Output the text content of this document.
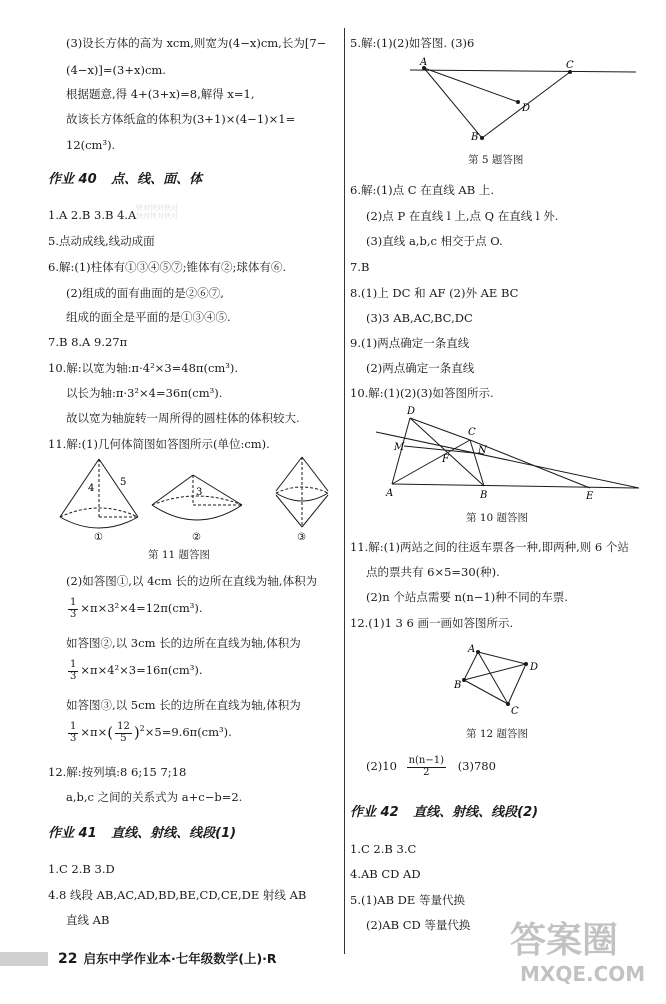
(3)设长方体的高为 xcm,则宽为(4−x)cm,长为[7−
(4−x)]=(3+x)cm.
根据题意,得 4+(3+x)=8,解得 x=1,
故该长方体纸盒的体积为(3+1)×(4−1)×1=
12(cm³).
作业 40 点、线、面、体
1.A 2.B 3.B 4.A
5.点动成线,线动成面
6.解:(1)柱体有①③④⑤⑦;锥体有②;球体有⑥.
(2)组成的面有曲面的是②⑥⑦,
组成的面全是平面的是①③④⑤.
7.B 8.A 9.27π
10.解:以宽为轴:π·4²×3=48π(cm³).
以长为轴:π·3²×4=36π(cm³).
故以宽为轴旋转一周所得的圆柱体的体积较大.
11.解:(1)几何体简图如答图所示(单位:cm).
4
5
①
3
②	③
第 11 题答图
(2)如答图①,以 4cm 长的边所在直线为轴,体积为
$\frac{1}{3} \times\pi\times 3^2\times 4=12\pi(cm^3)$.
如答图②,以 3cm 长的边所在直线为轴,体积为
$\frac{1}{3} \times\pi\times 4^2\times 3=16\pi(cm^3)$.
如答图③,以 5cm 长的边所在直线为轴,体积为
$\frac{1}{3} \times\pi\times( \frac{12}{5} )^2\times 5=9.6\pi(cm^3)$.
12.解:按列填:8 6;15 7;18
a,b,c 之间的关系式为 a+c−b=2.
作业 41 直线、射线、线段(1)
1.C 2.B 3.D
4.8 线段 AB,AC,AD,BD,BE,CD,CE,DE 射线 AB
直线 AB
5.解:(1)(2)如答图. (3)6
A	C
D
B
第 5 题答图
6.解:(1)点 C 在直线 AB 上.
(2)点 P 在直线 l 上,点 Q 在直线 l 外.
(3)直线 a,b,c 相交于点 O.
7.B
8.(1)上 DC 和 AF (2)外 AE BC
(3)3 AB,AC,BC,DC
9.(1)两点确定一条直线
(2)两点确定一条直线
10.解:(1)(2)(3)如答图所示.
D
C
M
F
N
A	B	E
第 10 题答图
11.解:(1)两站之间的往返车票各一种,即两种,则 6 个站
点的票共有 6×5=30(种).
(2)n 个站点需要 n(n−1)种不同的车票.
12.(1)1 3 6 画一画如答图所示.
A
D
B
C
第 12 题答图
$(2)10 \frac{n(n-1)}{2} (3)780$
作业 42 直线、射线、线段(2)
1.C 2.B 3.C
4.AB CD AD
5.(1)AB DE 等量代换
(2)AB CD 等量代换
快对快对快对
快对快对快对
答案圈
MXQE.COM
22 启东中学作业本·七年级数学(上)·R
